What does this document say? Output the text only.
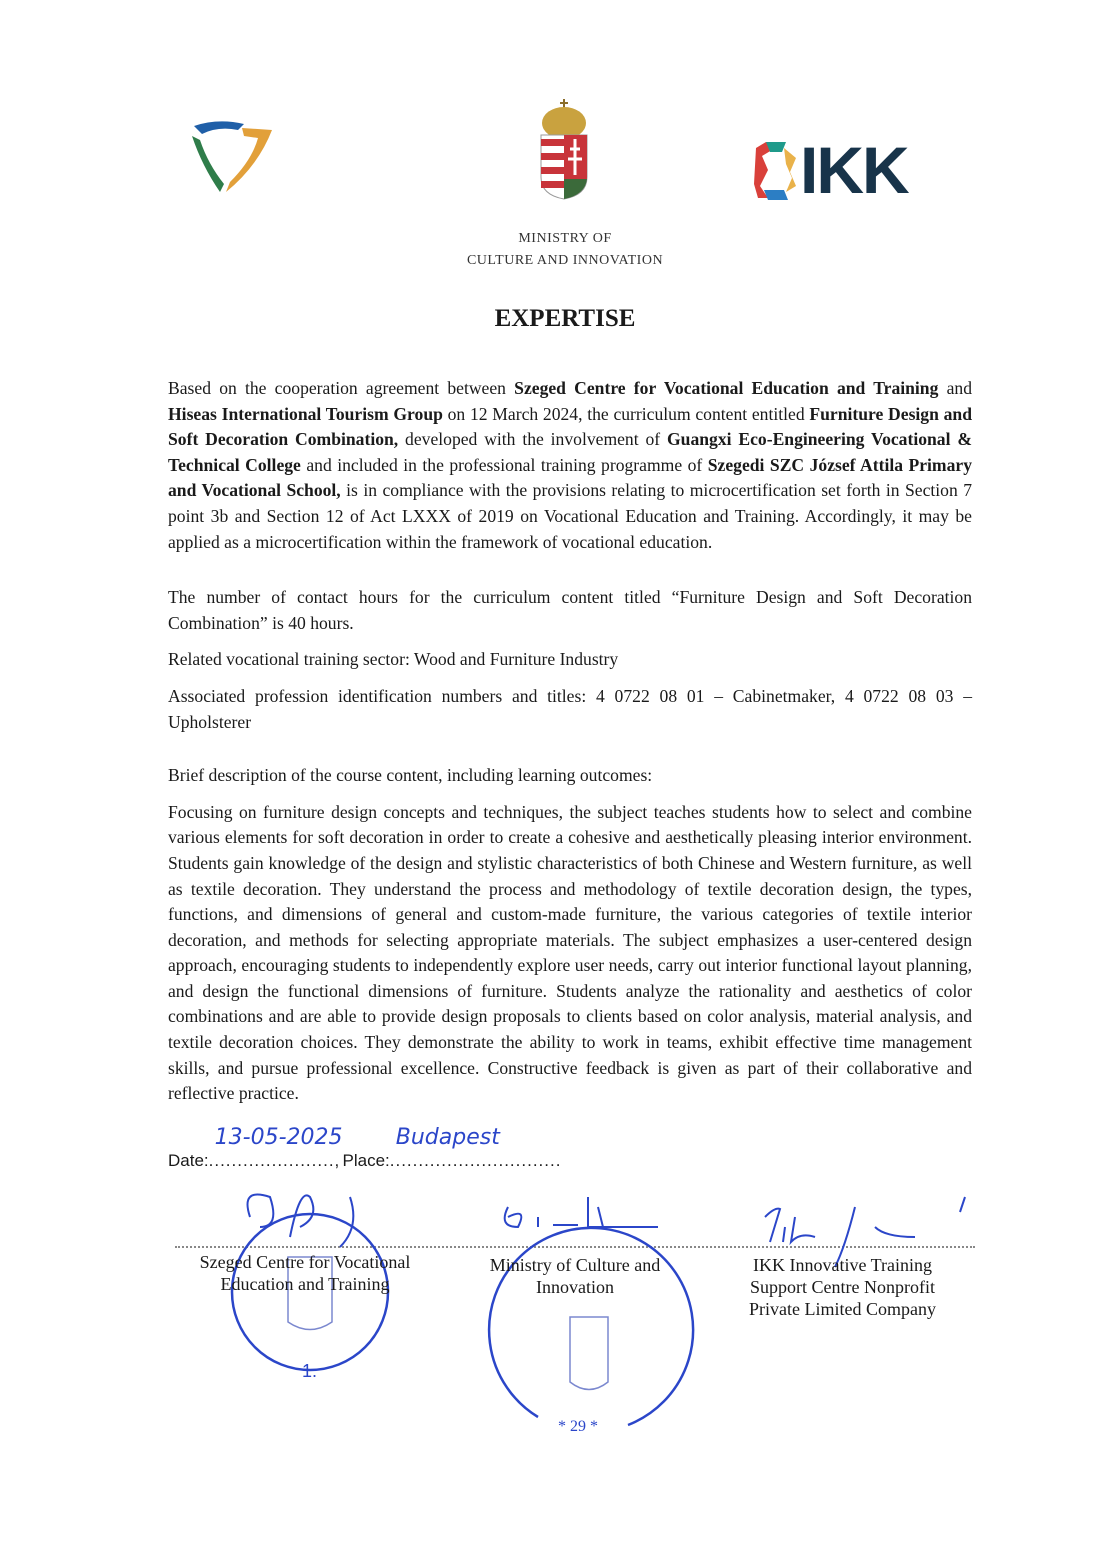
IKK
MINISTRY OF
CULTURE AND INNOVATION
EXPERTISE

Based on the cooperation agreement between Szeged Centre for Vocational Education and Training and Hiseas International Tourism Group on 12 March 2024, the curriculum content entitled Furniture Design and Soft Decoration Combination, developed with the involvement of Guangxi Eco-Engineering Vocational & Technical College and included in the professional training programme of Szegedi SZC József Attila Primary and Vocational School, is in compliance with the provisions relating to microcertification set forth in Section 7 point 3b and Section 12 of Act LXXX of 2019 on Vocational Education and Training. Accordingly, it may be applied as a microcertification within the framework of vocational education.

The number of contact hours for the curriculum content titled “Furniture Design and Soft Decoration Combination” is 40 hours.

Related vocational training sector: Wood and Furniture Industry

Associated profession identification numbers and titles: 4 0722 08 01 – Cabinetmaker, 4 0722 08 03 – Upholsterer

Brief description of the course content, including learning outcomes:

Focusing on furniture design concepts and techniques, the subject teaches students how to select and combine various elements for soft decoration in order to create a cohesive and aesthetically pleasing interior environment. Students gain knowledge of the design and stylistic characteristics of both Chinese and Western furniture, as well as textile decoration. They understand the process and methodology of textile decoration design, the types, functions, and dimensions of general and custom-made furniture, the various categories of textile interior decoration, and methods for selecting appropriate materials. The subject emphasizes a user-centered design approach, encouraging students to independently explore user needs, carry out interior functional layout planning, and design the functional dimensions of furniture. Students analyze the rationality and aesthetics of color combinations and are able to provide design proposals to clients based on color analysis, material analysis, and textile decoration choices. They demonstrate the ability to work in teams, exhibit effective time management skills, and pursue professional excellence. Constructive feedback is given as part of their collaborative and reflective practice.

Date:
13-05-2025
......................, Place:
Budapest
..............................
1.
* 29 *
Szeged Centre for Vocational
Education and Training
Ministry of Culture and
Innovation
IKK Innovative Training
Support Centre Nonprofit
Private Limited Company
